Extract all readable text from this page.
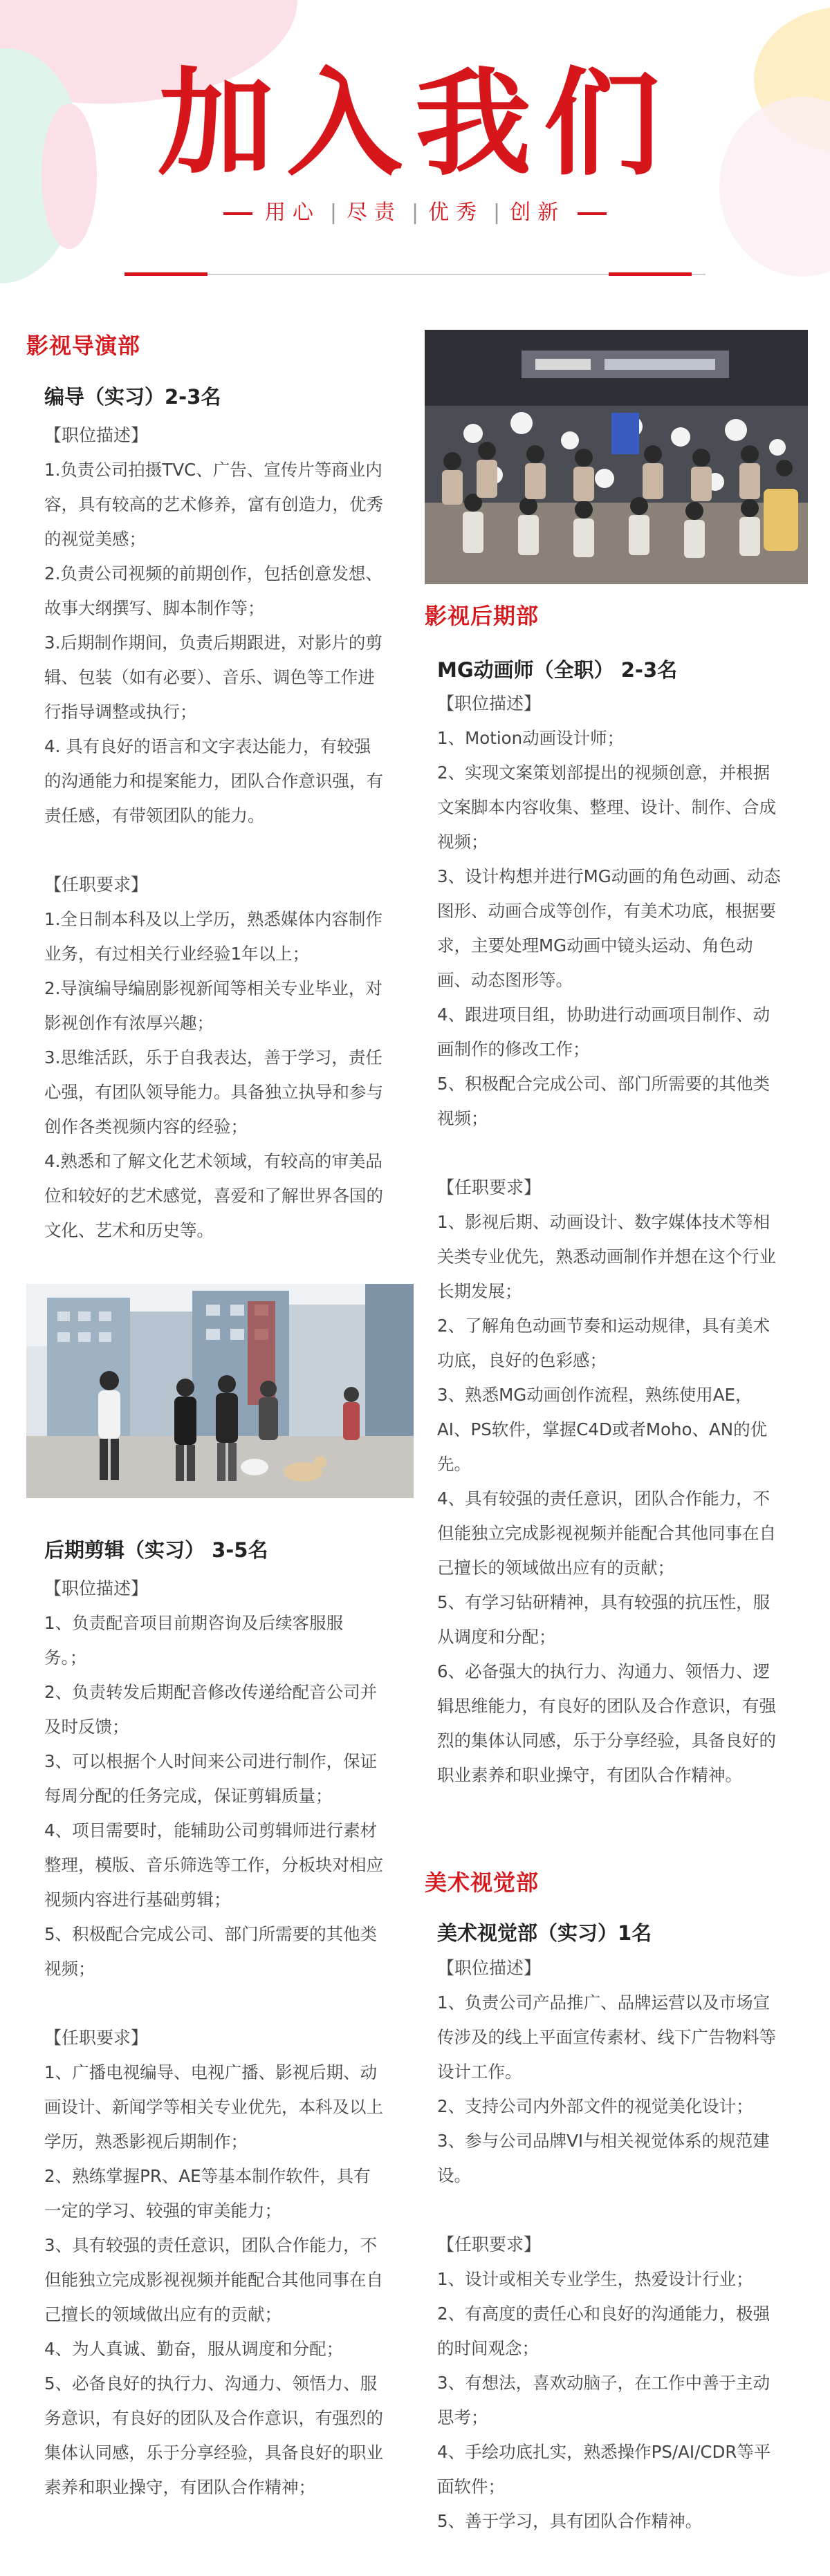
加入我们
用心 | 尽责 | 优秀 | 创新
影视导演部
编导（实习）2-3名
【职位描述】
1.负责公司拍摄TVC、广告、宣传片等商业内容，具有较高的艺术修养，富有创造力，优秀的视觉美感；
2.负责公司视频的前期创作，包括创意发想、故事大纲撰写、脚本制作等；
3.后期制作期间，负责后期跟进，对影片的剪辑、包装（如有必要）、音乐、调色等工作进行指导调整或执行；
4. 具有良好的语言和文字表达能力，有较强的沟通能力和提案能力，团队合作意识强，有责任感，有带领团队的能力。
【任职要求】
1.全日制本科及以上学历，熟悉媒体内容制作业务，有过相关行业经验1年以上；
2.导演编导编剧影视新闻等相关专业毕业，对影视创作有浓厚兴趣；
3.思维活跃，乐于自我表达，善于学习，责任心强，有团队领导能力。具备独立执导和参与创作各类视频内容的经验；
4.熟悉和了解文化艺术领域，有较高的审美品位和较好的艺术感觉，喜爱和了解世界各国的文化、艺术和历史等。
后期剪辑（实习） 3-5名
【职位描述】
1、负责配音项目前期咨询及后续客服服务。；
2、负责转发后期配音修改传递给配音公司并及时反馈；
3、可以根据个人时间来公司进行制作，保证每周分配的任务完成，保证剪辑质量；
4、项目需要时，能辅助公司剪辑师进行素材整理，模版、音乐筛选等工作，分板块对相应视频内容进行基础剪辑；
5、积极配合完成公司、部门所需要的其他类视频；
【任职要求】
1、广播电视编导、电视广播、影视后期、动画设计、新闻学等相关专业优先，本科及以上学历，熟悉影视后期制作；
2、熟练掌握PR、AE等基本制作软件，具有一定的学习、较强的审美能力；
3、具有较强的责任意识，团队合作能力，不但能独立完成影视视频并能配合其他同事在自己擅长的领域做出应有的贡献；
4、为人真诚、勤奋，服从调度和分配；
5、必备良好的执行力、沟通力、领悟力、服务意识，有良好的团队及合作意识，有强烈的集体认同感，乐于分享经验，具备良好的职业素养和职业操守，有团队合作精神；
影视后期部
MG动画师（全职） 2-3名
【职位描述】
1、Motion动画设计师；
2、实现文案策划部提出的视频创意，并根据文案脚本内容收集、整理、设计、制作、合成视频；
3、设计构想并进行MG动画的角色动画、动态图形、动画合成等创作，有美术功底，根据要求，主要处理MG动画中镜头运动、角色动画、动态图形等。
4、跟进项目组，协助进行动画项目制作、动画制作的修改工作；
5、积极配合完成公司、部门所需要的其他类视频；
【任职要求】
1、影视后期、动画设计、数字媒体技术等相关类专业优先，熟悉动画制作并想在这个行业长期发展；
2、了解角色动画节奏和运动规律，具有美术功底，良好的色彩感；
3、熟悉MG动画创作流程，熟练使用AE，AI、PS软件，掌握C4D或者Moho、AN的优先。
4、具有较强的责任意识，团队合作能力，不但能独立完成影视视频并能配合其他同事在自己擅长的领域做出应有的贡献；
5、有学习钻研精神，具有较强的抗压性，服从调度和分配；
6、必备强大的执行力、沟通力、领悟力、逻辑思维能力，有良好的团队及合作意识，有强烈的集体认同感，乐于分享经验，具备良好的职业素养和职业操守，有团队合作精神。
美术视觉部
美术视觉部（实习）1名
【职位描述】
1、负责公司产品推广、品牌运营以及市场宣传涉及的线上平面宣传素材、线下广告物料等设计工作。
2、支持公司内外部文件的视觉美化设计；
3、参与公司品牌VI与相关视觉体系的规范建设。
【任职要求】
1、设计或相关专业学生，热爱设计行业；
2、有高度的责任心和良好的沟通能力，极强的时间观念；
3、有想法，喜欢动脑子，在工作中善于主动思考；
4、手绘功底扎实，熟悉操作PS/AI/CDR等平面软件；
5、善于学习，具有团队合作精神。
